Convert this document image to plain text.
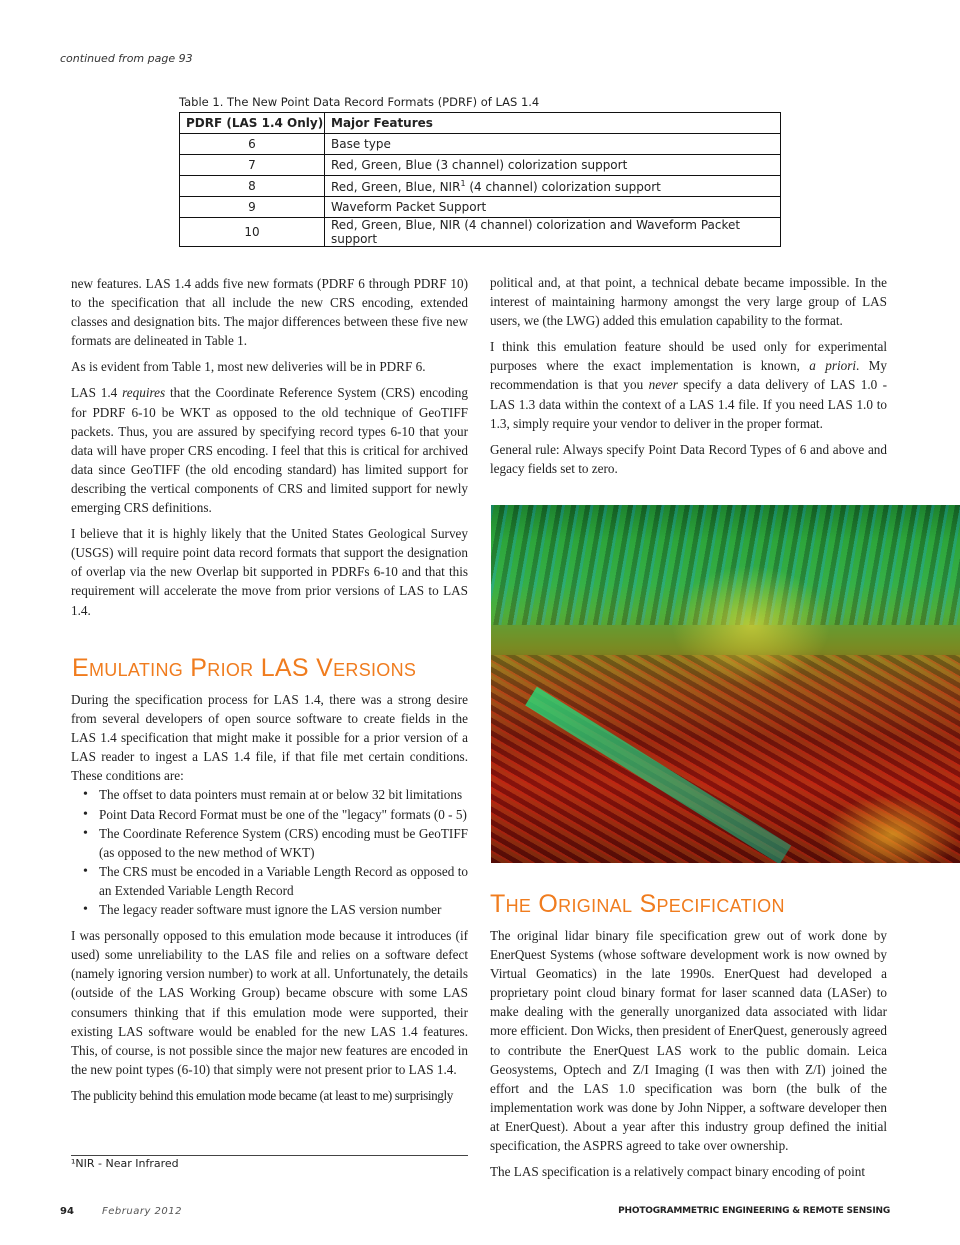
continued from page 93
Table 1. The New Point Data Record Formats (PDRF) of LAS 1.4
PDRF (LAS 1.4 Only)	Major Features
6	Base type
7	Red, Green, Blue (3 channel) colorization support
8	Red, Green, Blue, NIR$^1$ (4 channel) colorization support
9	Waveform Packet Support
10	Red, Green, Blue, NIR (4 channel) colorization and Waveform Packet support

new features. LAS 1.4 adds five new formats (PDRF 6 through PDRF 10) to the specification that all include the new CRS encoding, extended classes and designation bits. The major differences between these five new formats are delineated in Table 1.

As is evident from Table 1, most new deliveries will be in PDRF 6.

LAS 1.4 requires that the Coordinate Reference System (CRS) encoding for PDRF 6-10 be WKT as opposed to the old technique of GeoTIFF packets. Thus, you are assured by specifying record types 6-10 that your data will have proper CRS encoding. I feel that this is critical for archived data since GeoTIFF (the old encoding standard) has limited support for describing the vertical components of CRS and limited support for newly emerging CRS definitions.

I believe that it is highly likely that the United States Geological Survey (USGS) will require point data record formats that support the designation of overlap via the new Overlap bit supported in PDRFs 6-10 and that this requirement will accelerate the move from prior versions of LAS to LAS 1.4.

Emulating Prior LAS Versions

During the specification process for LAS 1.4, there was a strong desire from several developers of open source software to create fields in the LAS 1.4 specification that might make it possible for a prior version of a LAS reader to ingest a LAS 1.4 file, if that file met certain conditions. These conditions are:

• The offset to data pointers must remain at or below 32 bit limitations
• Point Data Record Format must be one of the "legacy" formats (0 - 5)
• The Coordinate Reference System (CRS) encoding must be GeoTIFF (as opposed to the new method of WKT)
• The CRS must be encoded in a Variable Length Record as opposed to an Extended Variable Length Record
• The legacy reader software must ignore the LAS version number

I was personally opposed to this emulation mode because it introduces (if used) some unreliability to the LAS file and relies on a software defect (namely ignoring version number) to work at all. Unfortunately, the details (outside of the LAS Working Group) became obscure with some LAS consumers thinking that if this emulation mode were supported, their existing LAS software would be enabled for the new LAS 1.4 features. This, of course, is not possible since the major new features are encoded in the new point types (6-10) that simply were not present prior to LAS 1.4.

The publicity behind this emulation mode became (at least to me) surprisingly

¹NIR - Near Infrared

political and, at that point, a technical debate became impossible. In the interest of maintaining harmony amongst the very large group of LAS users, we (the LWG) added this emulation capability to the format.

I think this emulation feature should be used only for experimental purposes where the exact implementation is known, a priori. My recommendation is that you never specify a data delivery of LAS 1.0 - LAS 1.3 data within the context of a LAS 1.4 file. If you need LAS 1.0 to 1.3, simply require your vendor to deliver in the proper format.

General rule: Always specify Point Data Record Types of 6 and above and legacy fields set to zero.

The Original Specification

The original lidar binary file specification grew out of work done by EnerQuest Systems (whose software development work is now owned by Virtual Geomatics) in the late 1990s. EnerQuest had developed a proprietary point cloud binary format for laser scanned data (LASer) to make dealing with the generally unorganized data associated with lidar more efficient. Don Wicks, then president of EnerQuest, generously agreed to contribute the EnerQuest LAS work to the public domain. Leica Geosystems, Optech and Z/I Imaging (I was then with Z/I) joined the effort and the LAS 1.0 specification was born (the bulk of the implementation work was done by John Nipper, a software developer then at EnerQuest). About a year after this industry group defined the initial specification, the ASPRS agreed to take over ownership.

The LAS specification is a relatively compact binary encoding of point

94	February 2012	PHOTOGRAMMETRIC ENGINEERING & REMOTE SENSING
